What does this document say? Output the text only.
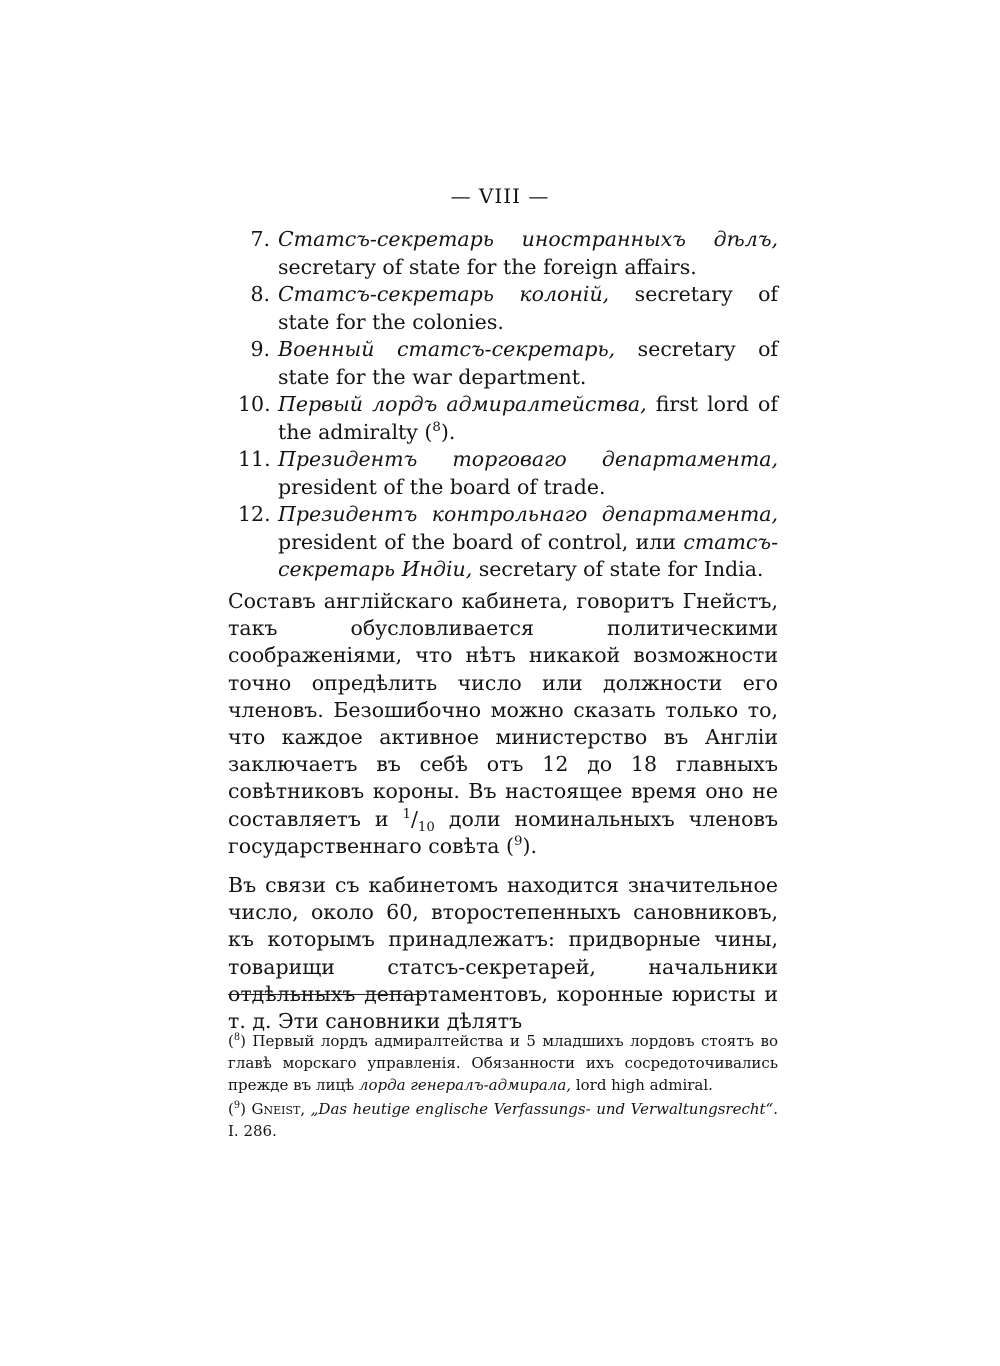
— VIII —
7. Статсъ-секретарь иностранныхъ дѣлъ, secretary of state for the foreign affairs.
8. Статсъ-секретарь колоній, secretary of state for the colonies.
9. Военный статсъ-секретарь, secretary of state for the war department.
10. Первый лордъ адмиралтейства, first lord of the admiralty ($^8$).
11. Президентъ торговаго департамента, president of the board of trade.
12. Президентъ контрольнаго департамента, president of the board of control, или статсъ-секретарь Индіи, secretary of state for India.

Составъ англійскаго кабинета, говоритъ Гнейстъ, такъ обусловливается политическими соображеніями, что нѣтъ никакой возможности точно опредѣлить число или должности его членовъ. Безошибочно можно сказать только то, что каждое активное министерство въ Англіи заключаетъ въ себѣ отъ 12 до 18 главныхъ совѣтниковъ короны. Въ настоящее время оно не составляетъ и $^1/_{10}$ доли номинальныхъ членовъ государственнаго совѣта ($^9$).

Въ связи съ кабинетомъ находится значительное число, около 60, второстепенныхъ сановниковъ, къ которымъ принадлежатъ: придворные чины, товарищи статсъ-секретарей, начальники отдѣльныхъ департаментовъ, коронные юристы и т. д. Эти сановники дѣлятъ

($^8$) Первый лордъ адмиралтейства и 5 младшихъ лордовъ стоятъ во главѣ морскаго управленія. Обязанности ихъ сосредоточивались прежде въ лицѣ лорда генералъ-адмирала, lord high admiral.

($^9$) Gneist, „Das heutige englische Verfassungs- und Verwaltungsrecht“. I. 286.
